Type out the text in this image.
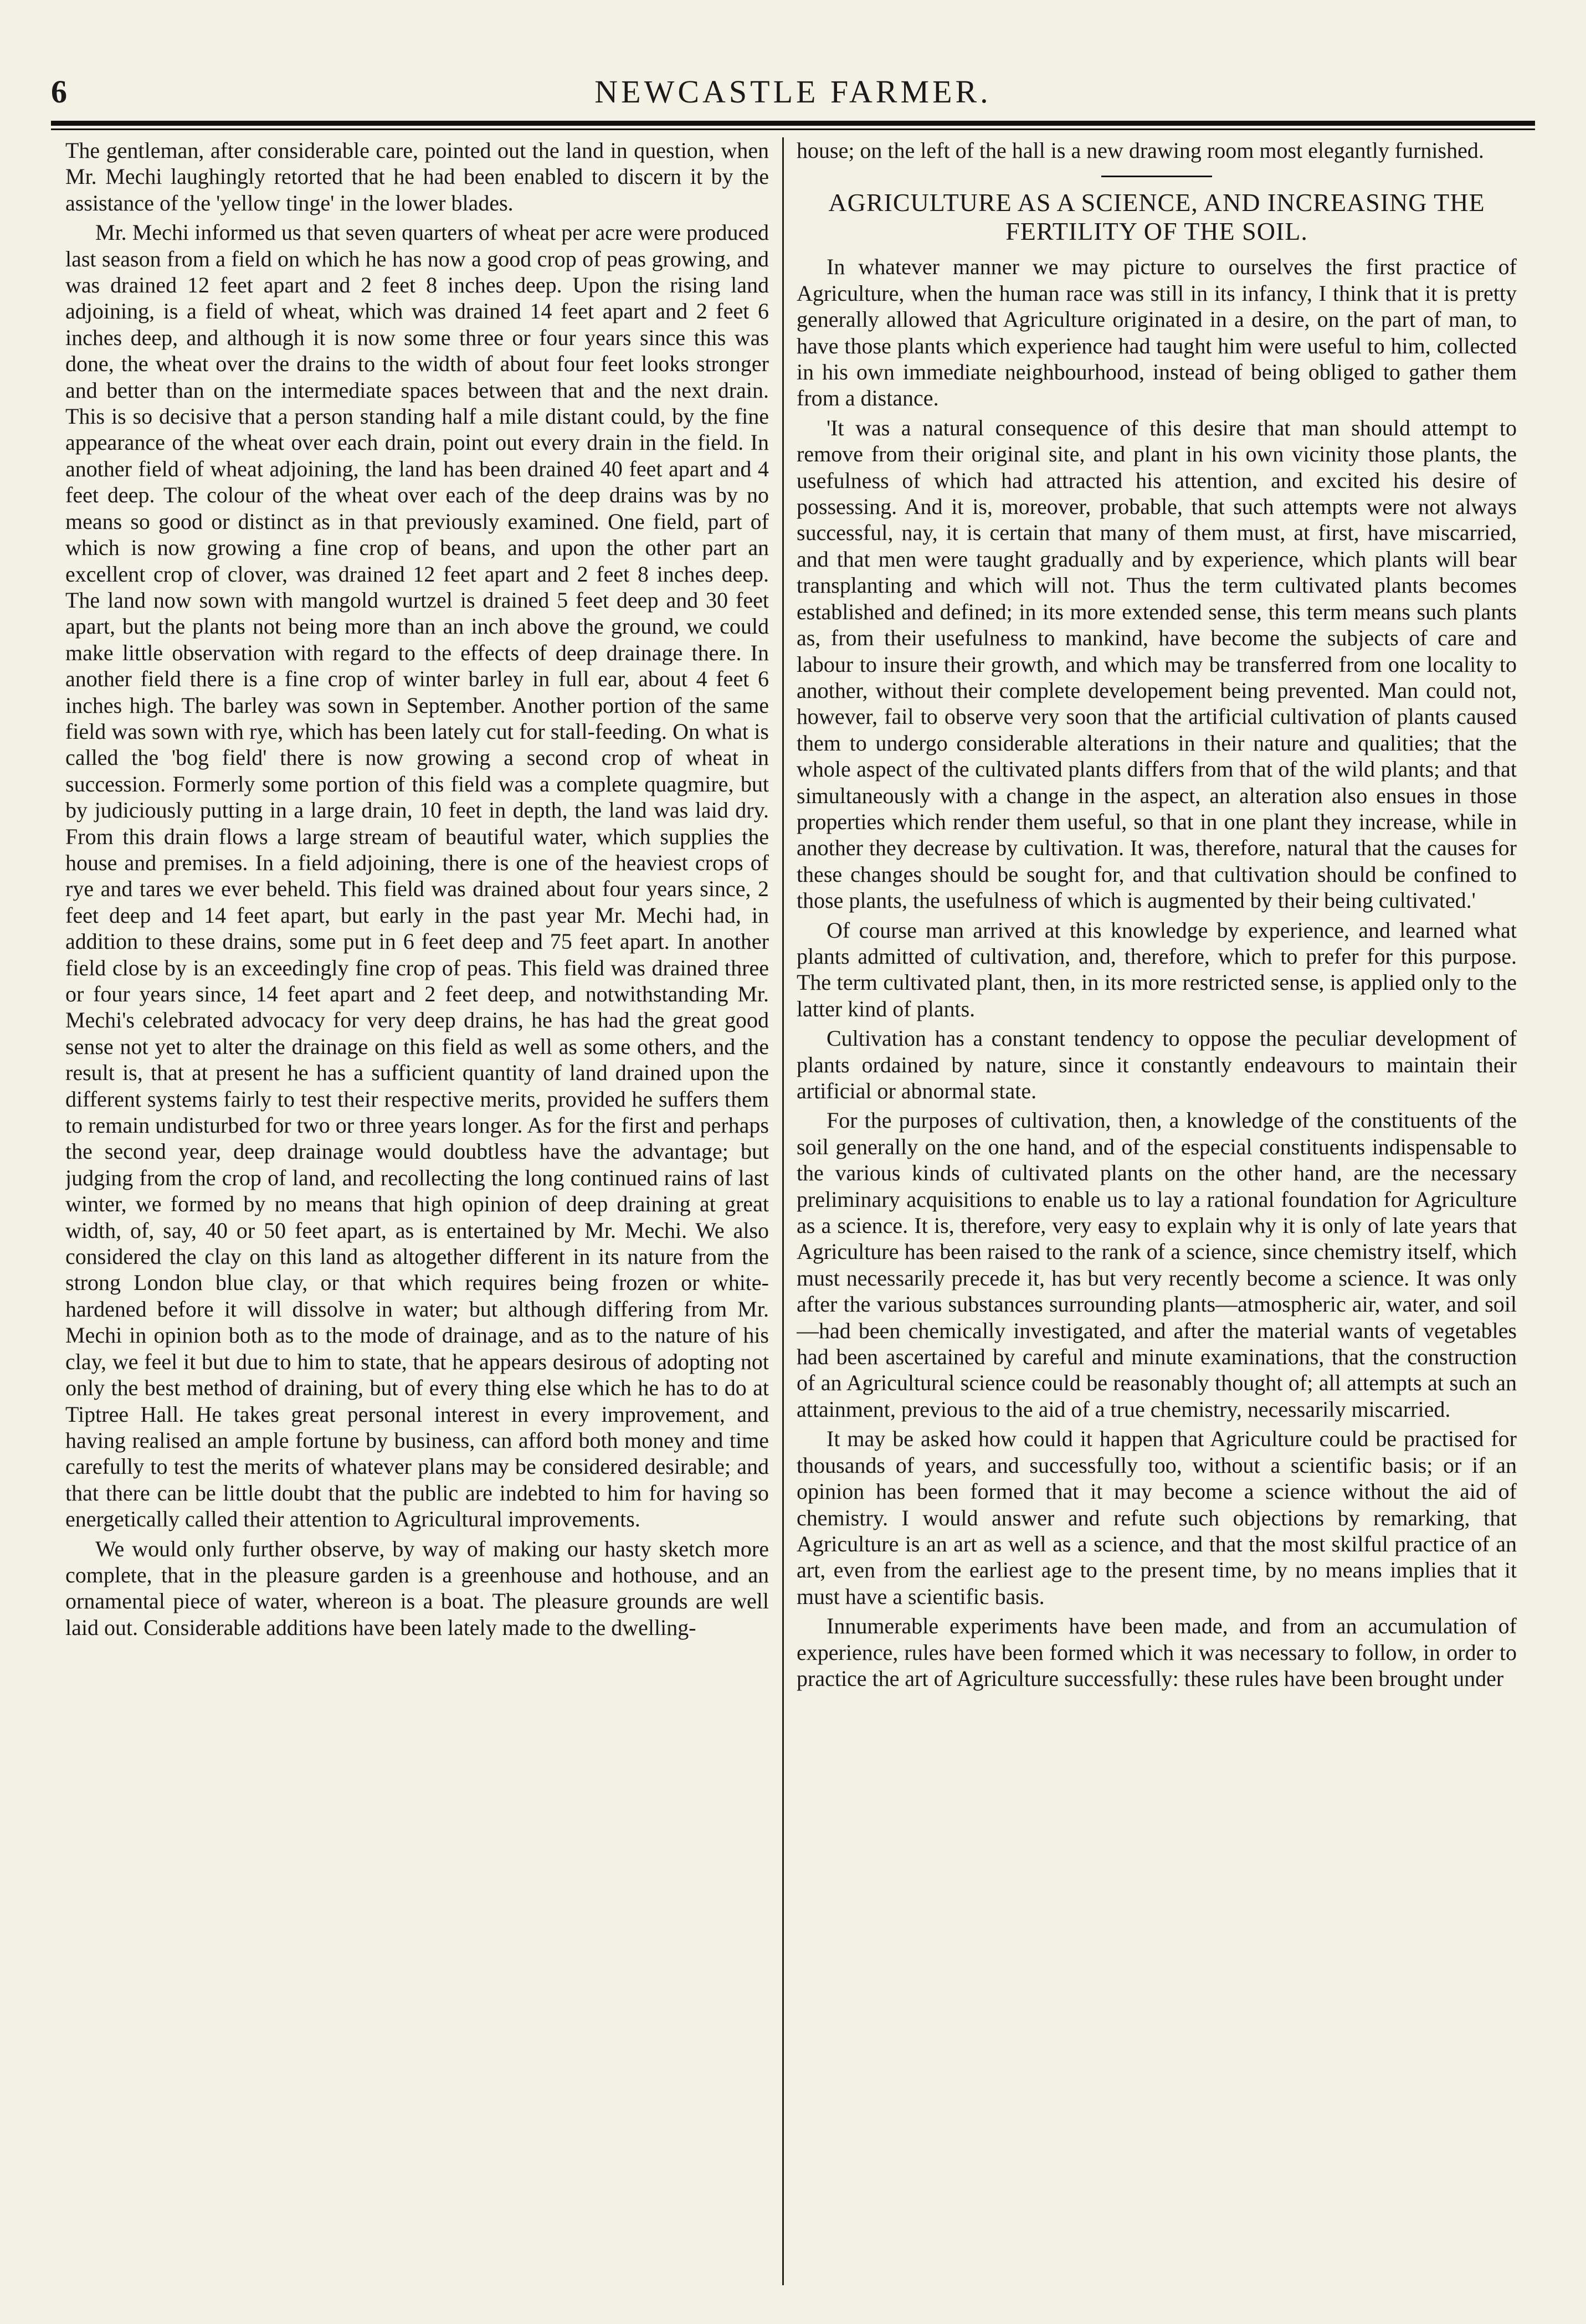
6	NEWCASTLE FARMER.

The gentleman, after considerable care, pointed out the land in question, when Mr. Mechi laughingly retorted that he had been enabled to discern it by the assistance of the 'yellow tinge' in the lower blades.

Mr. Mechi informed us that seven quarters of wheat per acre were produced last season from a field on which he has now a good crop of peas growing, and was drained 12 feet apart and 2 feet 8 inches deep. Upon the rising land adjoining, is a field of wheat, which was drained 14 feet apart and 2 feet 6 inches deep, and although it is now some three or four years since this was done, the wheat over the drains to the width of about four feet looks stronger and better than on the intermediate spaces between that and the next drain. This is so decisive that a person standing half a mile distant could, by the fine appearance of the wheat over each drain, point out every drain in the field. In another field of wheat adjoining, the land has been drained 40 feet apart and 4 feet deep. The colour of the wheat over each of the deep drains was by no means so good or distinct as in that previously examined. One field, part of which is now growing a fine crop of beans, and upon the other part an excellent crop of clover, was drained 12 feet apart and 2 feet 8 inches deep. The land now sown with mangold wurtzel is drained 5 feet deep and 30 feet apart, but the plants not being more than an inch above the ground, we could make little observation with regard to the effects of deep drainage there. In another field there is a fine crop of winter barley in full ear, about 4 feet 6 inches high. The barley was sown in September. Another portion of the same field was sown with rye, which has been lately cut for stall-feeding. On what is called the 'bog field' there is now growing a second crop of wheat in succession. Formerly some portion of this field was a complete quagmire, but by judiciously putting in a large drain, 10 feet in depth, the land was laid dry. From this drain flows a large stream of beautiful water, which supplies the house and premises. In a field adjoining, there is one of the heaviest crops of rye and tares we ever beheld. This field was drained about four years since, 2 feet deep and 14 feet apart, but early in the past year Mr. Mechi had, in addition to these drains, some put in 6 feet deep and 75 feet apart. In another field close by is an exceedingly fine crop of peas. This field was drained three or four years since, 14 feet apart and 2 feet deep, and notwithstanding Mr. Mechi's celebrated advocacy for very deep drains, he has had the great good sense not yet to alter the drainage on this field as well as some others, and the result is, that at present he has a sufficient quantity of land drained upon the different systems fairly to test their respective merits, provided he suffers them to remain undisturbed for two or three years longer. As for the first and perhaps the second year, deep drainage would doubtless have the advantage; but judging from the crop of land, and recollecting the long continued rains of last winter, we formed by no means that high opinion of deep draining at great width, of, say, 40 or 50 feet apart, as is entertained by Mr. Mechi. We also considered the clay on this land as altogether different in its nature from the strong London blue clay, or that which requires being frozen or white-hardened before it will dissolve in water; but although differing from Mr. Mechi in opinion both as to the mode of drainage, and as to the nature of his clay, we feel it but due to him to state, that he appears desirous of adopting not only the best method of draining, but of every thing else which he has to do at Tiptree Hall. He takes great personal interest in every improvement, and having realised an ample fortune by business, can afford both money and time carefully to test the merits of whatever plans may be considered desirable; and that there can be little doubt that the public are indebted to him for having so energetically called their attention to Agricultural improvements.

We would only further observe, by way of making our hasty sketch more complete, that in the pleasure garden is a greenhouse and hothouse, and an ornamental piece of water, whereon is a boat. The pleasure grounds are well laid out. Considerable additions have been lately made to the dwelling-

house; on the left of the hall is a new drawing room most elegantly furnished.

AGRICULTURE AS A SCIENCE, AND INCREASING THE FERTILITY OF THE SOIL.

In whatever manner we may picture to ourselves the first practice of Agriculture, when the human race was still in its infancy, I think that it is pretty generally allowed that Agriculture originated in a desire, on the part of man, to have those plants which experience had taught him were useful to him, collected in his own immediate neighbourhood, instead of being obliged to gather them from a distance.

'It was a natural consequence of this desire that man should attempt to remove from their original site, and plant in his own vicinity those plants, the usefulness of which had attracted his attention, and excited his desire of possessing. And it is, moreover, probable, that such attempts were not always successful, nay, it is certain that many of them must, at first, have miscarried, and that men were taught gradually and by experience, which plants will bear transplanting and which will not. Thus the term cultivated plants becomes established and defined; in its more extended sense, this term means such plants as, from their usefulness to mankind, have become the subjects of care and labour to insure their growth, and which may be transferred from one locality to another, without their complete developement being prevented. Man could not, however, fail to observe very soon that the artificial cultivation of plants caused them to undergo considerable alterations in their nature and qualities; that the whole aspect of the cultivated plants differs from that of the wild plants; and that simultaneously with a change in the aspect, an alteration also ensues in those properties which render them useful, so that in one plant they increase, while in another they decrease by cultivation. It was, therefore, natural that the causes for these changes should be sought for, and that cultivation should be confined to those plants, the usefulness of which is augmented by their being cultivated.'

Of course man arrived at this knowledge by experience, and learned what plants admitted of cultivation, and, therefore, which to prefer for this purpose. The term cultivated plant, then, in its more restricted sense, is applied only to the latter kind of plants.

Cultivation has a constant tendency to oppose the peculiar development of plants ordained by nature, since it constantly endeavours to maintain their artificial or abnormal state.

For the purposes of cultivation, then, a knowledge of the constituents of the soil generally on the one hand, and of the especial constituents indispensable to the various kinds of cultivated plants on the other hand, are the necessary preliminary acquisitions to enable us to lay a rational foundation for Agriculture as a science. It is, therefore, very easy to explain why it is only of late years that Agriculture has been raised to the rank of a science, since chemistry itself, which must necessarily precede it, has but very recently become a science. It was only after the various substances surrounding plants—atmospheric air, water, and soil—had been chemically investigated, and after the material wants of vegetables had been ascertained by careful and minute examinations, that the construction of an Agricultural science could be reasonably thought of; all attempts at such an attainment, previous to the aid of a true chemistry, necessarily miscarried.

It may be asked how could it happen that Agriculture could be practised for thousands of years, and successfully too, without a scientific basis; or if an opinion has been formed that it may become a science without the aid of chemistry. I would answer and refute such objections by remarking, that Agriculture is an art as well as a science, and that the most skilful practice of an art, even from the earliest age to the present time, by no means implies that it must have a scientific basis.

Innumerable experiments have been made, and from an accumulation of experience, rules have been formed which it was necessary to follow, in order to practice the art of Agriculture successfully: these rules have been brought under
